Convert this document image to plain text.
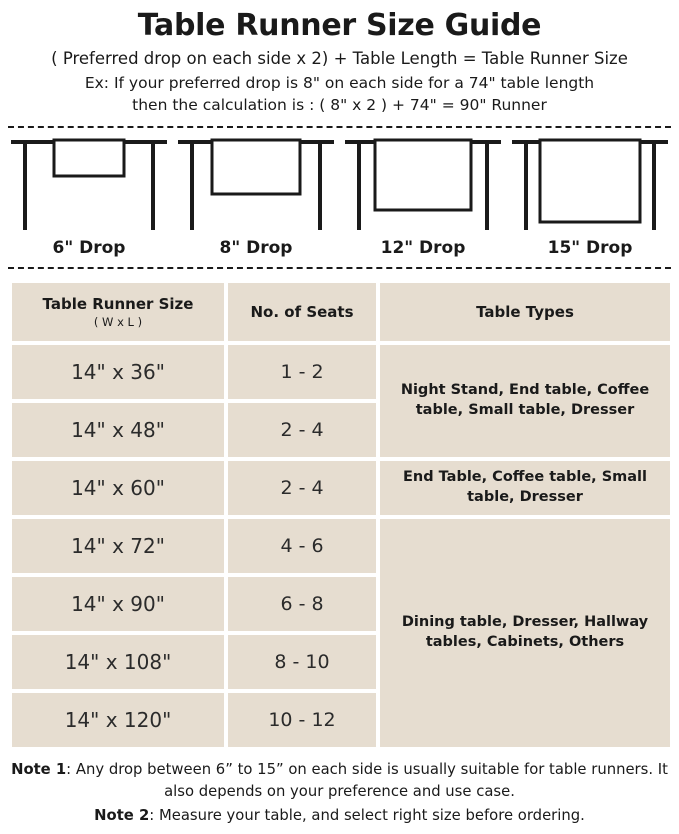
Table Runner Size Guide
( Preferred drop on each side x 2) + Table Length = Table Runner Size
Ex: If your preferred drop is 8" on each side for a 74" table length
then the calculation is : ( 8" x 2 ) + 74" = 90" Runner
6" Drop	8" Drop	12" Drop	15" Drop
Table Runner Size
( W x L )	No. of Seats	Table Types
14" x 36"	1 - 2	Night Stand, End table, Coffee table, Small table, Dresser
14" x 48"	2 - 4	
14" x 60"	2 - 4	End Table, Coffee table, Small table, Dresser
14" x 72"	4 - 6	Dining table, Dresser, Hallway tables, Cabinets, Others
14" x 90"	6 - 8	
14" x 108"	8 - 10	
14" x 120"	10 - 12	
Note 1: Any drop between 6” to 15” on each side is usually suitable for table runners. It also depends on your preference and use case.
Note 2: Measure your table, and select right size before ordering.
